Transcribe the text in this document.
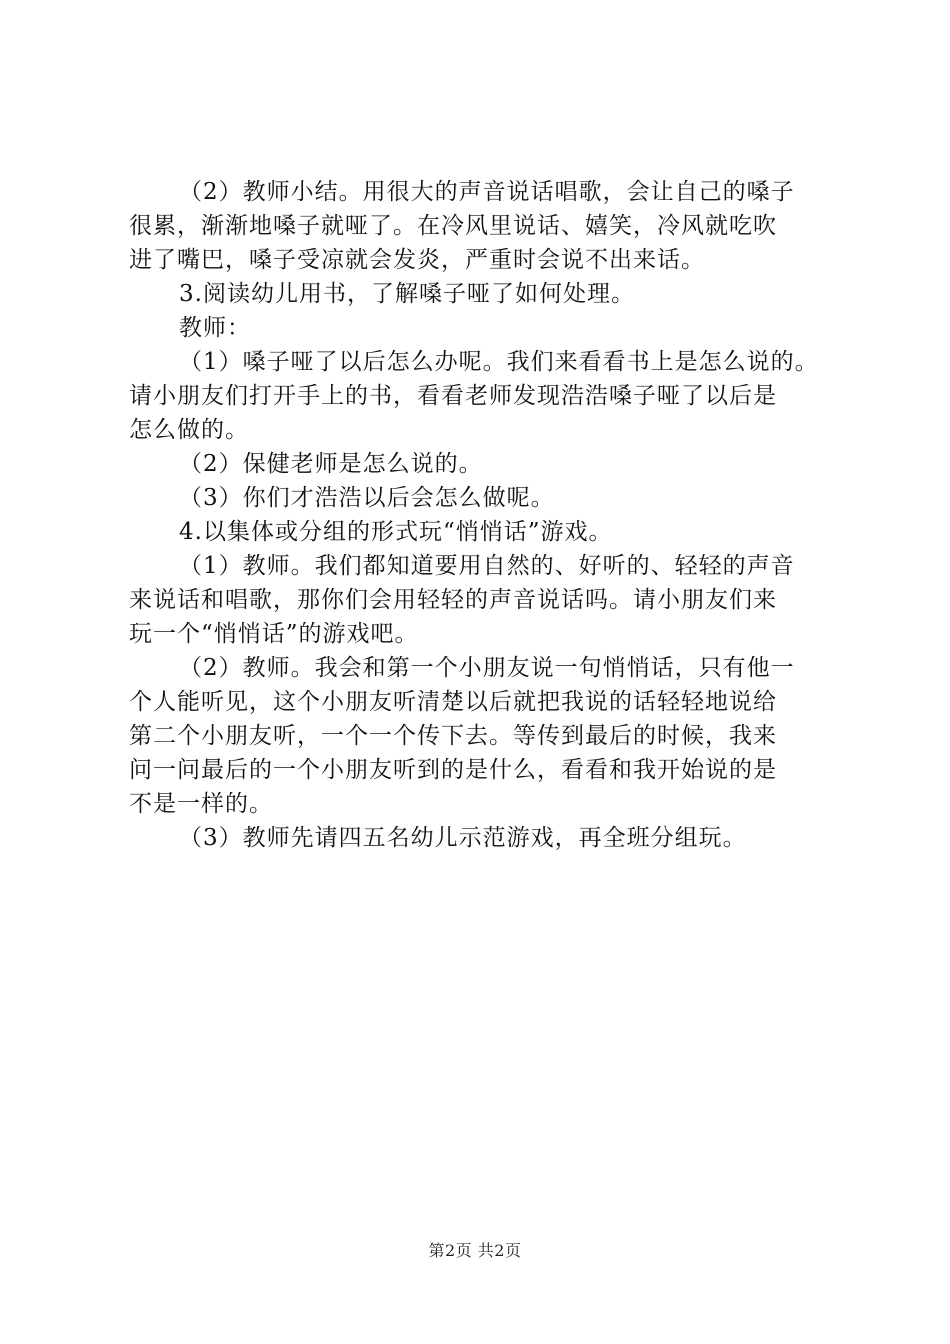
（2）教师小结。用很大的声音说话唱歌，会让自己的嗓子
很累，渐渐地嗓子就哑了。在冷风里说话、嬉笑，冷风就吃吹
进了嘴巴，嗓子受凉就会发炎，严重时会说不出来话。
3.阅读幼儿用书，了解嗓子哑了如何处理。
教师：
（1）嗓子哑了以后怎么办呢。我们来看看书上是怎么说的。
请小朋友们打开手上的书，看看老师发现浩浩嗓子哑了以后是
怎么做的。
（2）保健老师是怎么说的。
（3）你们才浩浩以后会怎么做呢。
4.以集体或分组的形式玩“悄悄话”游戏。
（1）教师。我们都知道要用自然的、好听的、轻轻的声音
来说话和唱歌，那你们会用轻轻的声音说话吗。请小朋友们来
玩一个“悄悄话”的游戏吧。
（2）教师。我会和第一个小朋友说一句悄悄话，只有他一
个人能听见，这个小朋友听清楚以后就把我说的话轻轻地说给
第二个小朋友听，一个一个传下去。等传到最后的时候，我来
问一问最后的一个小朋友听到的是什么，看看和我开始说的是
不是一样的。
（3）教师先请四五名幼儿示范游戏，再全班分组玩。
第2页 共2页
